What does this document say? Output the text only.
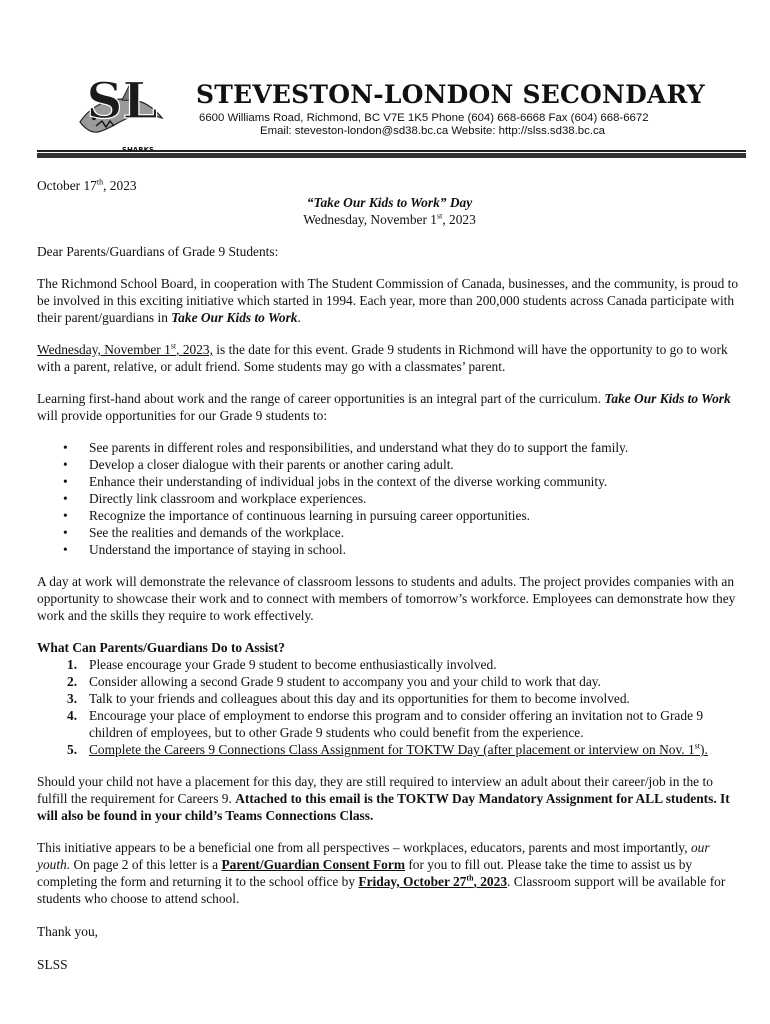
SL STEVESTON-LONDON SECONDARY
6600 Williams Road, Richmond, BC V7E 1K5 Phone (604) 668-6668 Fax (604) 668-6672
Email: steveston-london@sd38.bc.ca Website: http://slss.sd38.bc.ca

October 17th, 2023

“Take Our Kids to Work” Day

Wednesday, November 1st, 2023

Dear Parents/Guardians of Grade 9 Students:

The Richmond School Board, in cooperation with The Student Commission of Canada, businesses, and the community, is proud to be involved in this exciting initiative which started in 1994. Each year, more than 200,000 students across Canada participate with their parent/guardians in Take Our Kids to Work.

Wednesday, November 1st, 2023, is the date for this event. Grade 9 students in Richmond will have the opportunity to go to work with a parent, relative, or adult friend. Some students may go with a classmates’ parent.

Learning first-hand about work and the range of career opportunities is an integral part of the curriculum. Take Our Kids to Work will provide opportunities for our Grade 9 students to:

• See parents in different roles and responsibilities, and understand what they do to support the family.
• Develop a closer dialogue with their parents or another caring adult.
• Enhance their understanding of individual jobs in the context of the diverse working community.
• Directly link classroom and workplace experiences.
• Recognize the importance of continuous learning in pursuing career opportunities.
• See the realities and demands of the workplace.
• Understand the importance of staying in school.

A day at work will demonstrate the relevance of classroom lessons to students and adults. The project provides companies with an opportunity to showcase their work and to connect with members of tomorrow’s workforce. Employees can demonstrate how they work and the skills they require to work effectively.

What Can Parents/Guardians Do to Assist?

1. Please encourage your Grade 9 student to become enthusiastically involved.
2. Consider allowing a second Grade 9 student to accompany you and your child to work that day.
3. Talk to your friends and colleagues about this day and its opportunities for them to become involved.
4. Encourage your place of employment to endorse this program and to consider offering an invitation not to Grade 9 children of employees, but to other Grade 9 students who could benefit from the experience.
5. Complete the Careers 9 Connections Class Assignment for TOKTW Day (after placement or interview on Nov. 1st).

Should your child not have a placement for this day, they are still required to interview an adult about their career/job in the to fulfill the requirement for Careers 9. Attached to this email is the TOKTW Day Mandatory Assignment for ALL students. It will also be found in your child’s Teams Connections Class.

This initiative appears to be a beneficial one from all perspectives – workplaces, educators, parents and most importantly, our youth. On page 2 of this letter is a Parent/Guardian Consent Form for you to fill out. Please take the time to assist us by completing the form and returning it to the school office by Friday, October 27th, 2023. Classroom support will be available for students who choose to attend school.

Thank you,

SLSS
